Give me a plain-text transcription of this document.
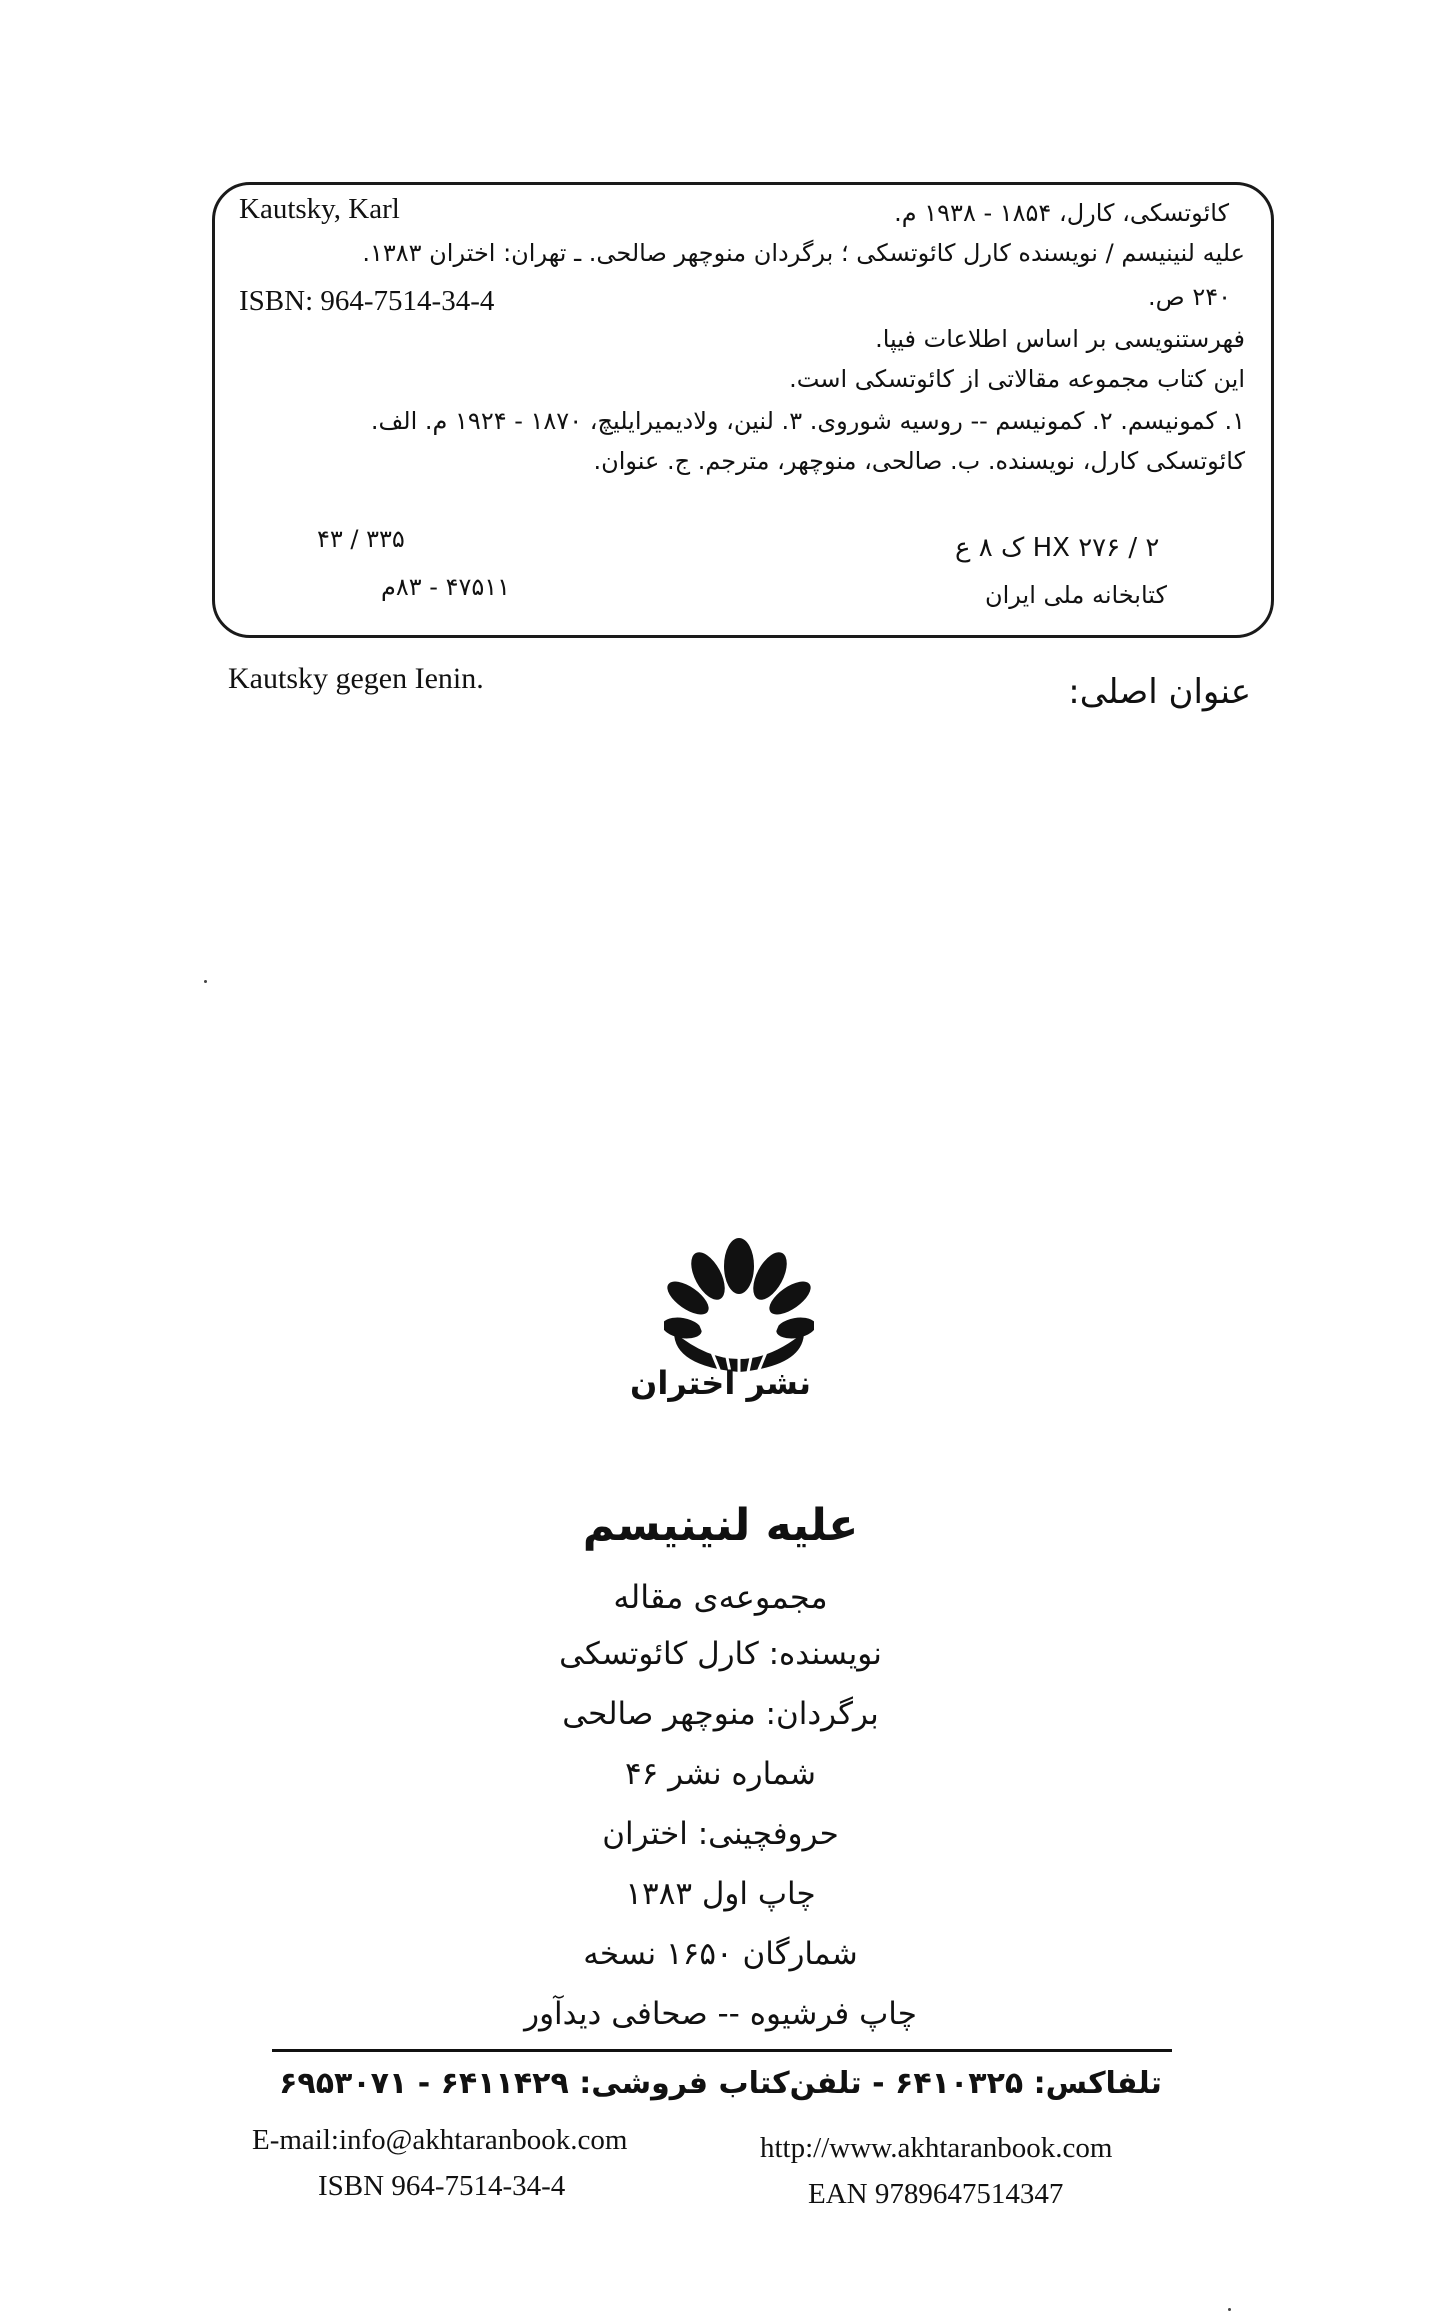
Kautsky, Karl
ISBN: 964-7514-34-4
کائوتسکی، کارل، ۱۸۵۴ - ۱۹۳۸ م.
علیه لنینیسم / نویسنده کارل کائوتسکی ؛ برگردان منوچهر صالحی. ـ تهران: اختران ۱۳۸۳.
۲۴۰ ص.
فهرستنویسی بر اساس اطلاعات فیپا.
این کتاب مجموعه مقالاتی از کائوتسکی است.
۱. کمونیسم. ۲. کمونیسم -- روسیه شوروی. ۳. لنین، ولادیمیرایلیچ، ۱۸۷۰ - ۱۹۲۴ م. الف.
کائوتسکی کارل، نویسنده. ب. صالحی، منوچهر، مترجم. ج. عنوان.
۳۳۵ / ۴۳	HX ۲۷۶ / ۲ ک ۸ ع
۴۷۵۱۱ - ۸۳م	کتابخانه ملی ایران
Kautsky gegen Ienin.	عنوان اصلی:
نشر اختران
علیه لنینیسم
مجموعه‌ی مقاله
نویسنده: کارل کائوتسکی
برگردان: منوچهر صالحی
شماره نشر ۴۶
حروفچینی: اختران
چاپ اول ۱۳۸۳
شمارگان ۱۶۵۰ نسخه
چاپ فرشیوه -- صحافی دیدآور
تلفاکس: ۶۴۱۰۳۲۵ - تلفن‌کتاب فروشی: ۶۴۱۱۴۲۹ - ۶۹۵۳۰۷۱
E-mail:info@akhtaranbook.com	http://www.akhtaranbook.com
ISBN 964-7514-34-4	EAN 9789647514347
